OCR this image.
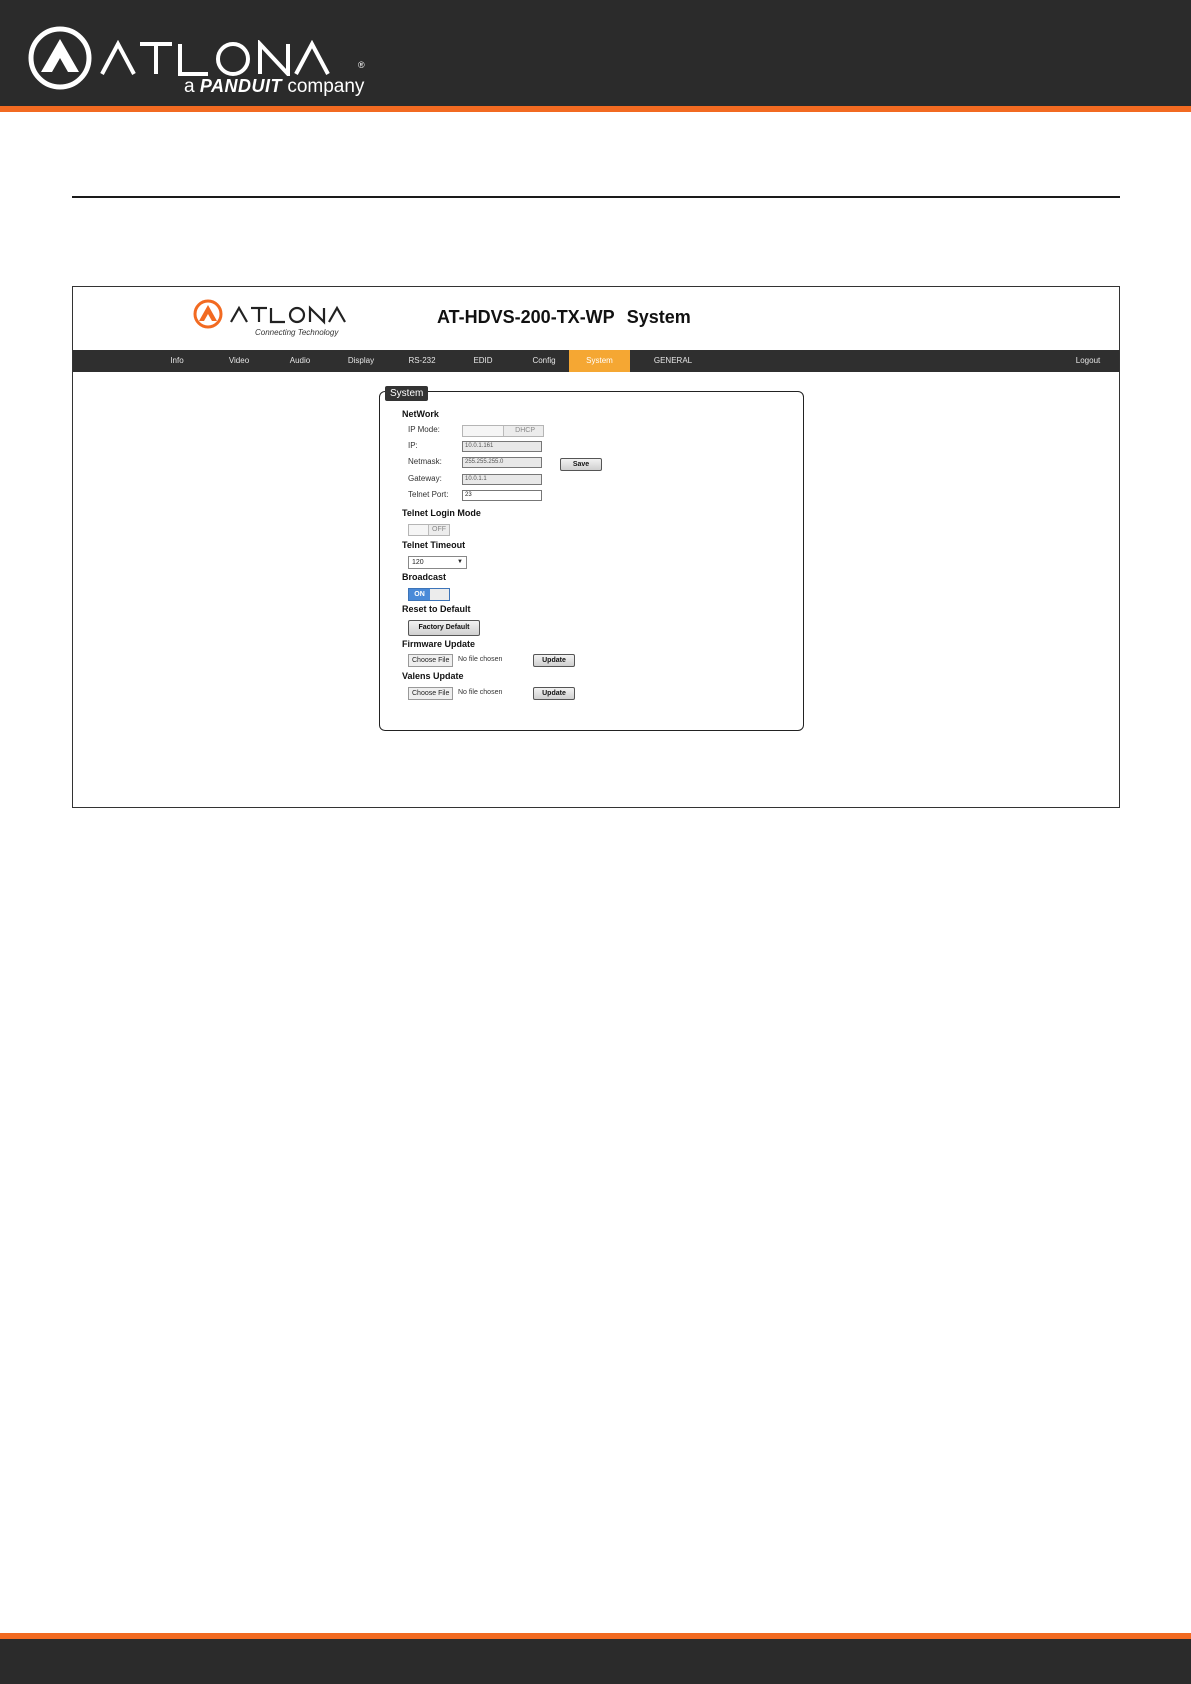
®
a PANDUIT company
Connecting Technology
AT-HDVS-200-TX-WP System
Info	Video	Audio	Display	RS-232	EDID	Config	System	GENERAL	Logout
System
NetWork
IP Mode:	DHCP
IP:	10.0.1.161
Netmask:	255.255.255.0	Save
Gateway:	10.0.1.1
Telnet Port:	23
Telnet Login Mode
OFF
Telnet Timeout
120	▼
Broadcast
ON
Reset to Default
Factory Default
Firmware Update
Choose File	No file chosen	Update
Valens Update
Choose File	No file chosen	Update
